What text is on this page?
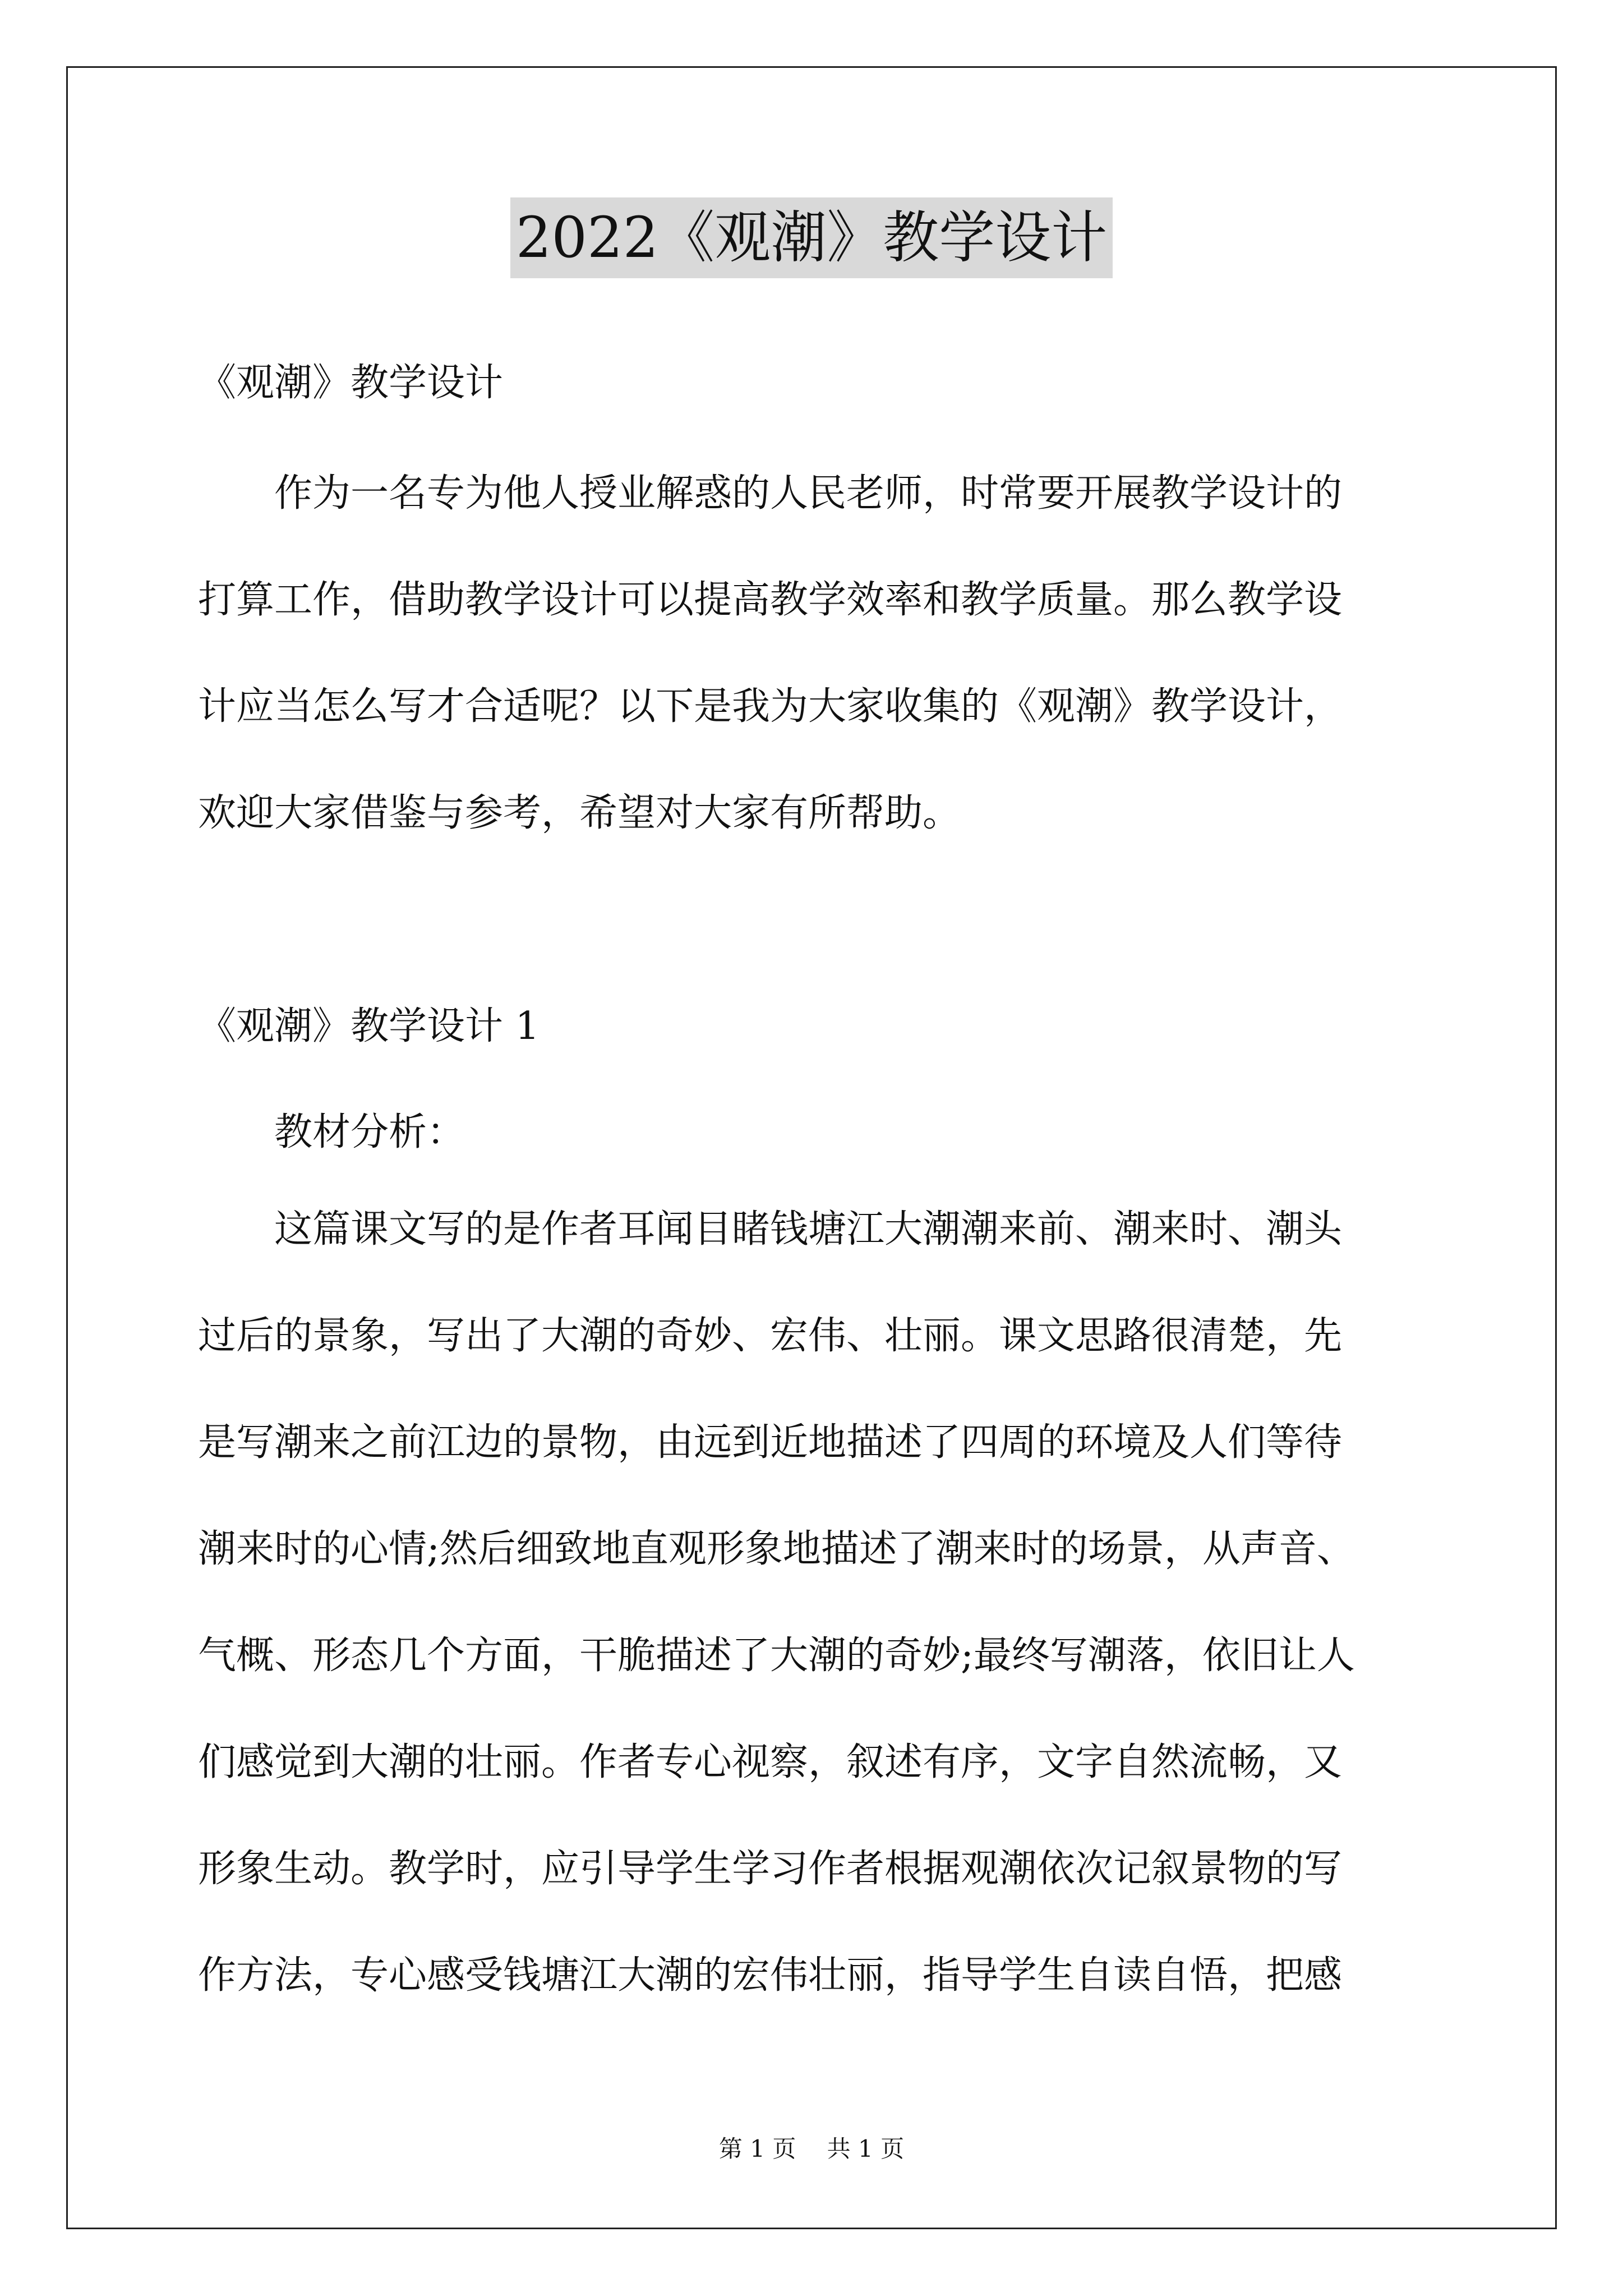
2022《观潮》教学设计
《观潮》教学设计
　　作为一名专为他人授业解惑的人民老师，时常要开展教学设计的
打算工作，借助教学设计可以提高教学效率和教学质量。那么教学设
计应当怎么写才合适呢？以下是我为大家收集的《观潮》教学设计，
欢迎大家借鉴与参考，希望对大家有所帮助。
《观潮》教学设计 1
　　教材分析：
　　这篇课文写的是作者耳闻目睹钱塘江大潮潮来前、潮来时、潮头
过后的景象，写出了大潮的奇妙、宏伟、壮丽。课文思路很清楚，先
是写潮来之前江边的景物，由远到近地描述了四周的环境及人们等待
潮来时的心情;然后细致地直观形象地描述了潮来时的场景，从声音、
气概、形态几个方面，干脆描述了大潮的奇妙;最终写潮落，依旧让人
们感觉到大潮的壮丽。作者专心视察，叙述有序，文字自然流畅，又
形象生动。教学时，应引导学生学习作者根据观潮依次记叙景物的写
作方法，专心感受钱塘江大潮的宏伟壮丽，指导学生自读自悟，把感
第 1 页　 共 1 页
